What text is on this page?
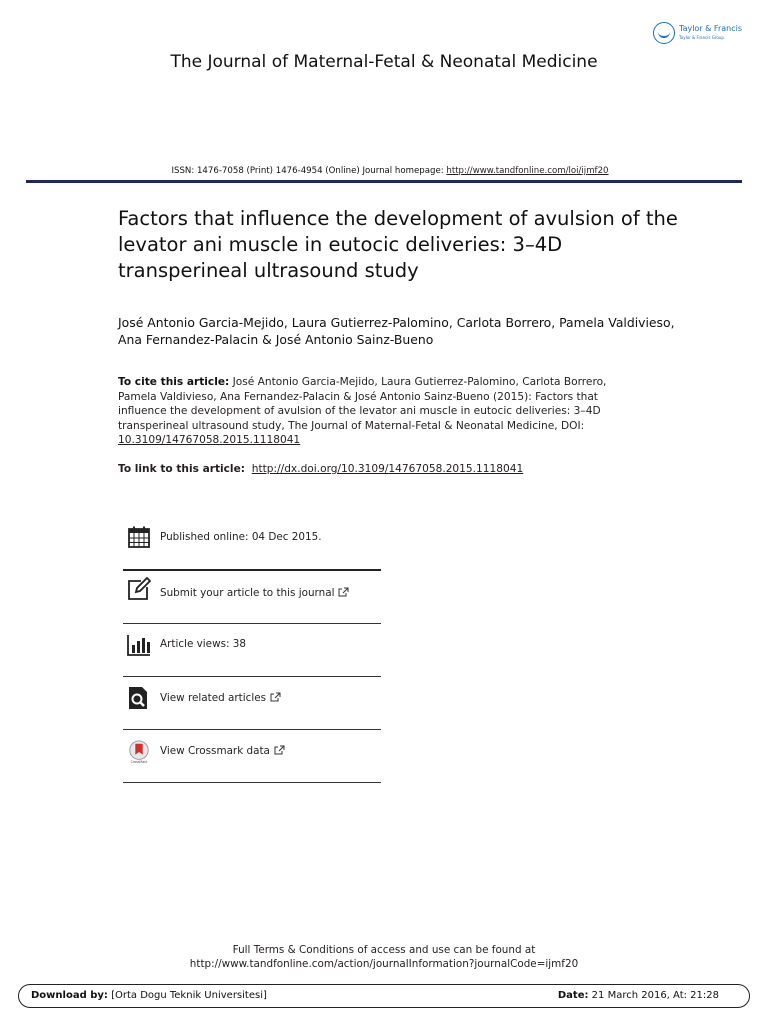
Taylor & Francis
Taylor & Francis Group
The Journal of Maternal-Fetal & Neonatal Medicine
ISSN: 1476-7058 (Print) 1476-4954 (Online) Journal homepage: http://www.tandfonline.com/loi/ijmf20
Factors that influence the development of avulsion of the levator ani muscle in eutocic deliveries: 3–4D transperineal ultrasound study
José Antonio Garcia-Mejido, Laura Gutierrez-Palomino, Carlota Borrero, Pamela Valdivieso, Ana Fernandez-Palacin & José Antonio Sainz-Bueno
To cite this article: José Antonio Garcia-Mejido, Laura Gutierrez-Palomino, Carlota Borrero, Pamela Valdivieso, Ana Fernandez-Palacin & José Antonio Sainz-Bueno (2015): Factors that influence the development of avulsion of the levator ani muscle in eutocic deliveries: 3–4D transperineal ultrasound study, The Journal of Maternal-Fetal & Neonatal Medicine, DOI: 10.3109/14767058.2015.1118041
To link to this article: http://dx.doi.org/10.3109/14767058.2015.1118041
Published online: 04 Dec 2015.
Submit your article to this journal
Article views: 38
View related articles
CrossMark
View Crossmark data
Full Terms & Conditions of access and use can be found at
http://www.tandfonline.com/action/journalInformation?journalCode=ijmf20
Download by: [Orta Dogu Teknik Universitesi]	Date: 21 March 2016, At: 21:28
